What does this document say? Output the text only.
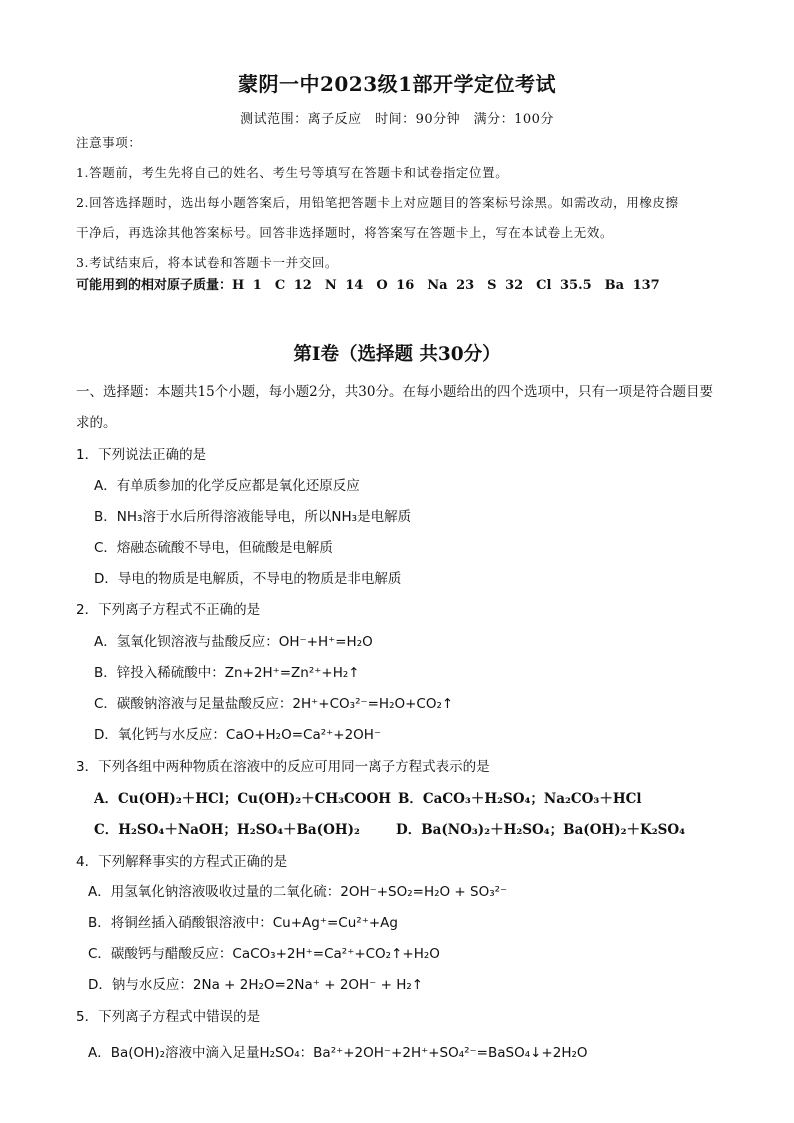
蒙阴一中2023级1部开学定位考试
测试范围：离子反应　时间：90分钟　满分：100分

注意事项：

1.答题前，考生先将自己的姓名、考生号等填写在答题卡和试卷指定位置。

2.回答选择题时，选出每小题答案后，用铅笔把答题卡上对应题目的答案标号涂黑。如需改动，用橡皮擦

干净后，再选涂其他答案标号。回答非选择题时，将答案写在答题卡上，写在本试卷上无效。

3.考试结束后，将本试卷和答题卡一并交回。

可能用到的相对原子质量：H 1　C 12　N 14　O 16　Na 23　S 32　Cl 35.5　Ba 137
第Ⅰ卷（选择题 共30分）
一、选择题：本题共15个小题，每小题2分，共30分。在每小题给出的四个选项中，只有一项是符合题目要求的。
1．下列说法正确的是
A．有单质参加的化学反应都是氧化还原反应
B．NH₃溶于水后所得溶液能导电，所以NH₃是电解质
C．熔融态硫酸不导电，但硫酸是电解质
D．导电的物质是电解质，不导电的物质是非电解质
2．下列离子方程式不正确的是
A．氢氧化钡溶液与盐酸反应：OH⁻+H⁺=H₂O
B．锌投入稀硫酸中：Zn+2H⁺=Zn²⁺+H₂↑
C．碳酸钠溶液与足量盐酸反应：2H⁺+CO₃²⁻=H₂O+CO₂↑
D．氧化钙与水反应：CaO+H₂O=Ca²⁺+2OH⁻
3．下列各组中两种物质在溶液中的反应可用同一离子方程式表示的是
A．Cu(OH)₂＋HCl；Cu(OH)₂＋CH₃COOH B．CaCO₃＋H₂SO₄；Na₂CO₃＋HCl
C．H₂SO₄＋NaOH；H₂SO₄＋Ba(OH)₂	D．Ba(NO₃)₂＋H₂SO₄；Ba(OH)₂＋K₂SO₄
4．下列解释事实的方程式正确的是
A．用氢氧化钠溶液吸收过量的二氧化硫：2OH⁻+SO₂=H₂O + SO₃²⁻
B．将铜丝插入硝酸银溶液中：Cu+Ag⁺=Cu²⁺+Ag
C．碳酸钙与醋酸反应：CaCO₃+2H⁺=Ca²⁺+CO₂↑+H₂O
D．钠与水反应：2Na + 2H₂O=2Na⁺ + 2OH⁻ + H₂↑
5．下列离子方程式中错误的是
A．Ba(OH)₂溶液中滴入足量H₂SO₄：Ba²⁺+2OH⁻+2H⁺+SO₄²⁻=BaSO₄↓+2H₂O
